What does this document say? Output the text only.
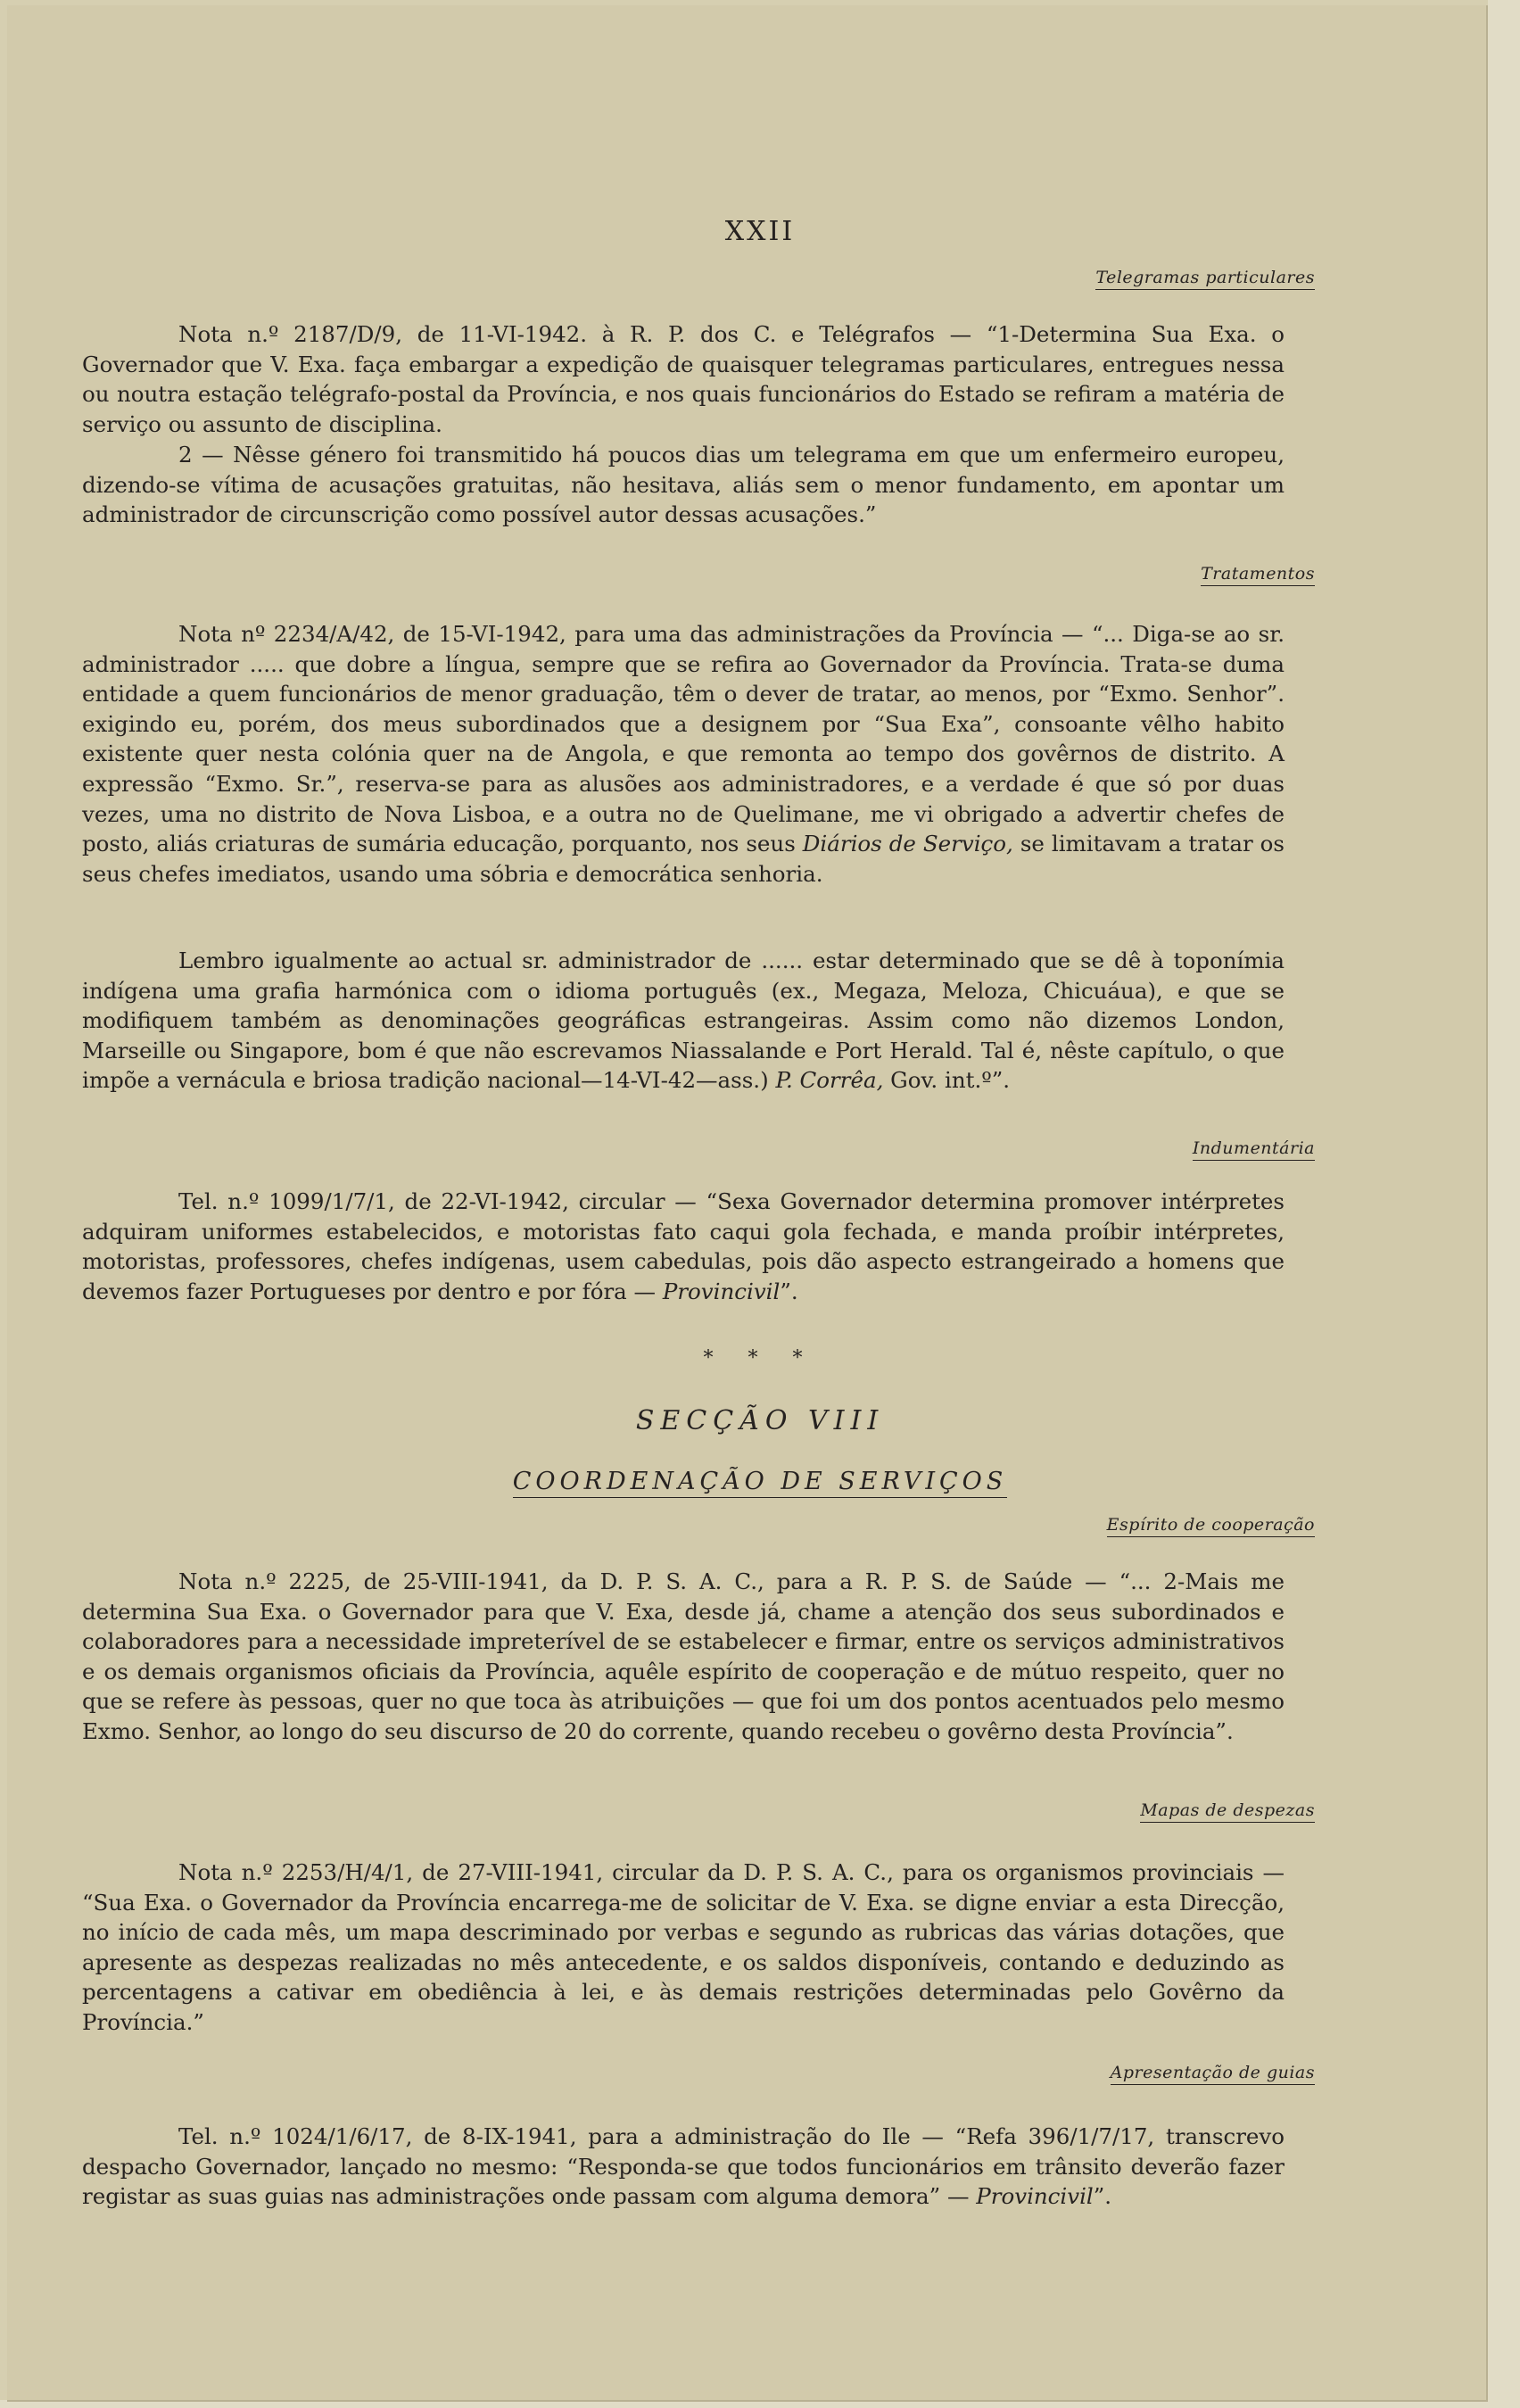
XXII
Telegramas particulares

Nota n.º 2187/D/9, de 11-VI-1942. à R. P. dos C. e Telégrafos — “1-Determina Sua Exa. o Governador que V. Exa. faça embargar a expedição de quaisquer telegramas particulares, entregues nessa ou noutra estação telégrafo-postal da Província, e nos quais funcionários do Estado se refiram a matéria de serviço ou assunto de disciplina.

2 — Nêsse género foi transmitido há poucos dias um telegrama em que um enfermeiro europeu, dizendo-se vítima de acusações gratuitas, não hesitava, aliás sem o menor fundamento, em apontar um administrador de circunscrição como possível autor dessas acusações.”

Tratamentos

Nota nº 2234/A/42, de 15-VI-1942, para uma das administrações da Província — “... Diga-se ao sr. administrador ..... que dobre a língua, sempre que se refira ao Governador da Província. Trata-se duma entidade a quem funcionários de menor graduação, têm o dever de tratar, ao menos, por “Exmo. Senhor”. exigindo eu, porém, dos meus subordinados que a designem por “Sua Exa”, consoante vêlho habito existente quer nesta colónia quer na de Angola, e que remonta ao tempo dos govêrnos de distrito. A expressão “Exmo. Sr.”, reserva-se para as alusões aos administradores, e a verdade é que só por duas vezes, uma no distrito de Nova Lisboa, e a outra no de Quelimane, me vi obrigado a advertir chefes de posto, aliás criaturas de sumária educação, porquanto, nos seus Diários de Serviço, se limitavam a tratar os seus chefes imediatos, usando uma sóbria e democrática senhoria.

Lembro igualmente ao actual sr. administrador de ...... estar determinado que se dê à toponímia indígena uma grafia harmónica com o idioma português (ex., Megaza, Meloza, Chicuáua), e que se modifiquem também as denominações geográficas estrangeiras. Assim como não dizemos London, Marseille ou Singapore, bom é que não escrevamos Niassalande e Port Herald. Tal é, nêste capítulo, o que impõe a vernácula e briosa tradição nacional—14-VI-42—ass.) P. Corrêa, Gov. int.º”.

Indumentária

Tel. n.º 1099/1/7/1, de 22-VI-1942, circular — “Sexa Governador determina promover intérpretes adquiram uniformes estabelecidos, e motoristas fato caqui gola fechada, e manda proíbir intérpretes, motoristas, professores, chefes indígenas, usem cabedulas, pois dão aspecto estrangeirado a homens que devemos fazer Portugueses por dentro e por fóra — Provincivil”.

* * *
SECÇÃO VIII
COORDENAÇÃO DE SERVIÇOS
Espírito de cooperação

Nota n.º 2225, de 25-VIII-1941, da D. P. S. A. C., para a R. P. S. de Saúde — “... 2-Mais me determina Sua Exa. o Governador para que V. Exa, desde já, chame a atenção dos seus subordinados e colaboradores para a necessidade impreterível de se estabelecer e firmar, entre os serviços administrativos e os demais organismos oficiais da Província, aquêle espírito de cooperação e de mútuo respeito, quer no que se refere às pessoas, quer no que toca às atribuições — que foi um dos pontos acentuados pelo mesmo Exmo. Senhor, ao longo do seu discurso de 20 do corrente, quando recebeu o govêrno desta Província”.

Mapas de despezas

Nota n.º 2253/H/4/1, de 27-VIII-1941, circular da D. P. S. A. C., para os organismos provinciais — “Sua Exa. o Governador da Província encarrega-me de solicitar de V. Exa. se digne enviar a esta Direcção, no início de cada mês, um mapa descriminado por verbas e segundo as rubricas das várias dotações, que apresente as despezas realizadas no mês antecedente, e os saldos disponíveis, contando e deduzindo as percentagens a cativar em obediência à lei, e às demais restrições determinadas pelo Govêrno da Província.”

Apresentação de guias

Tel. n.º 1024/1/6/17, de 8-IX-1941, para a administração do Ile — “Refa 396/1/7/17, transcrevo despacho Governador, lançado no mesmo: “Responda-se que todos funcionários em trânsito deverão fazer registar as suas guias nas administrações onde passam com alguma demora” — Provincivil”.
